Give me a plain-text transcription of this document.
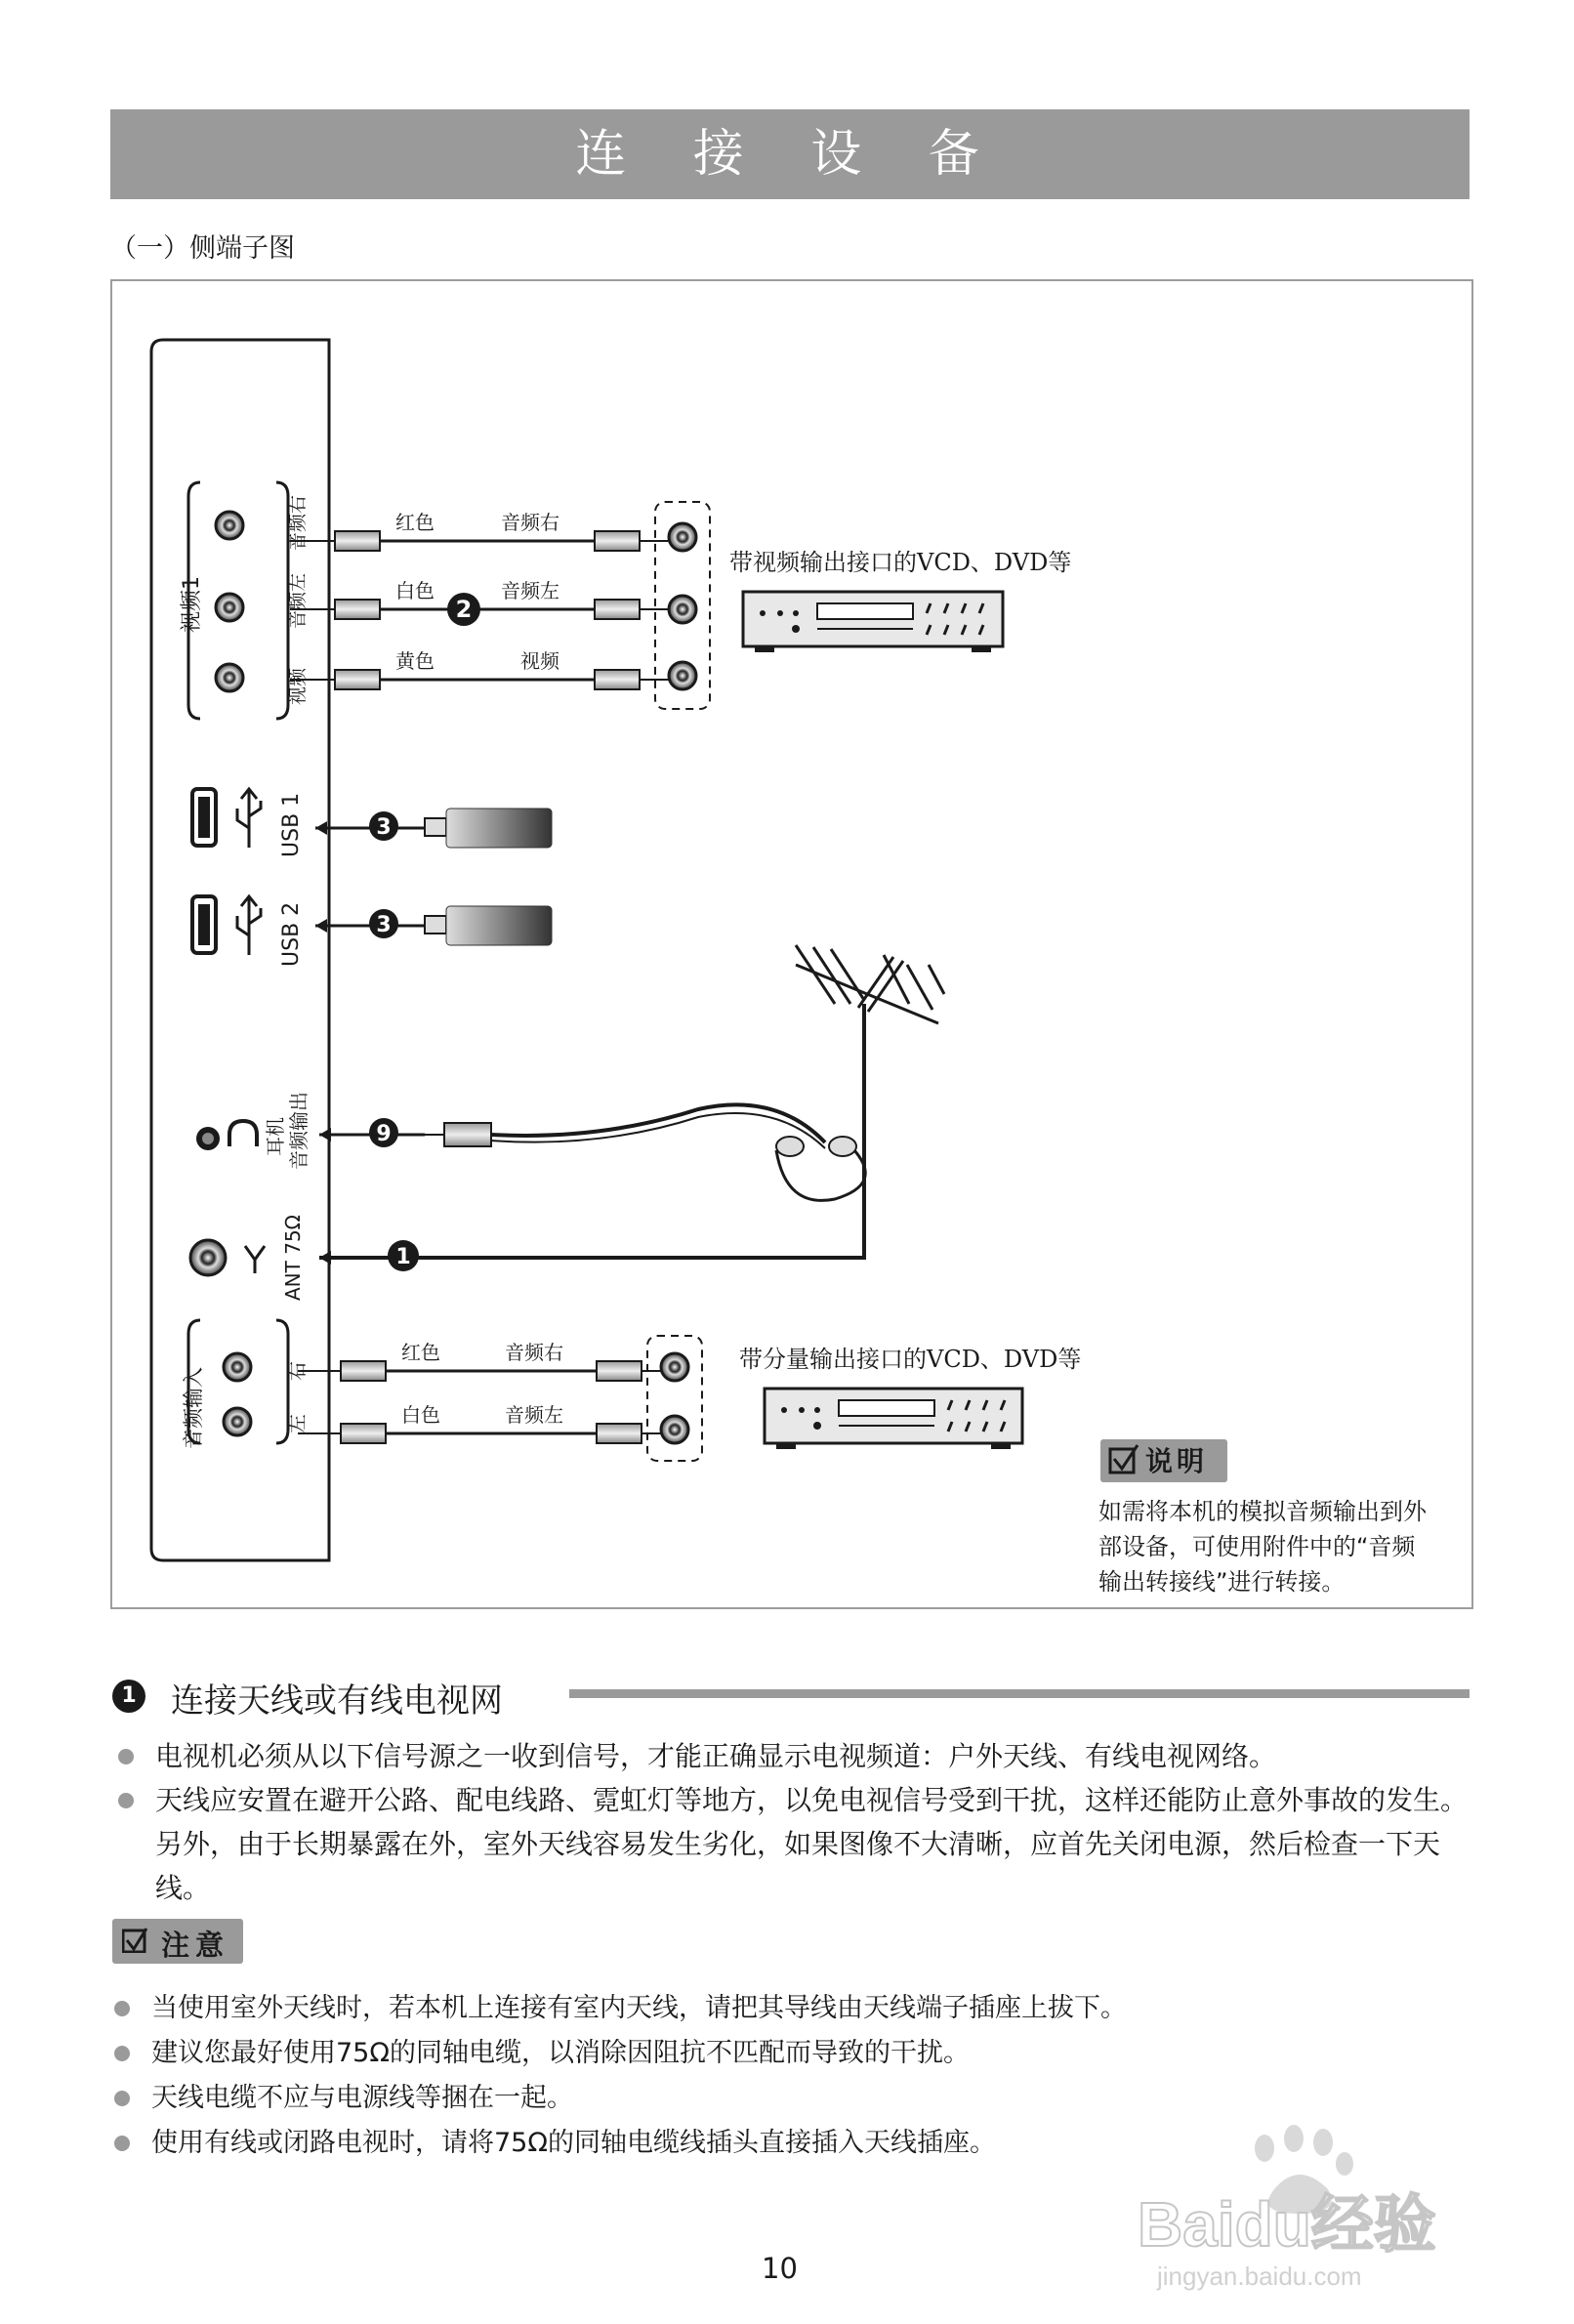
连 接 设 备
（一）侧端子图
视频1
音频右
音频左
视频
红色	音频右
白色	音频左
黄色	视频
2
带视频输出接口的VCD、DVD等
USB 1	3
USB 2	3
耳机 音频输出	9
ANT 75Ω	1
音频输入	右
左
红色	音频右
白色	音频左
带分量输出接口的VCD、DVD等
说明
如需将本机的模拟音频输出到外
部设备，可使用附件中的“音频
输出转接线”进行转接。
1 连接天线或有线电视网
电视机必须从以下信号源之一收到信号，才能正确显示电视频道：户外天线、有线电视网络。
天线应安置在避开公路、配电线路、霓虹灯等地方，以免电视信号受到干扰，这样还能防止意外事故的发生。另外，由于长期暴露在外，室外天线容易发生劣化，如果图像不大清晰，应首先关闭电源，然后检查一下天线。
注意
当使用室外天线时，若本机上连接有室内天线，请把其导线由天线端子插座上拔下。
建议您最好使用75Ω的同轴电缆，以消除因阻抗不匹配而导致的干扰。
天线电缆不应与电源线等捆在一起。
使用有线或闭路电视时，请将75Ω的同轴电缆线插头直接插入天线插座。
Baidu经验
jingyan.baidu.com
10
